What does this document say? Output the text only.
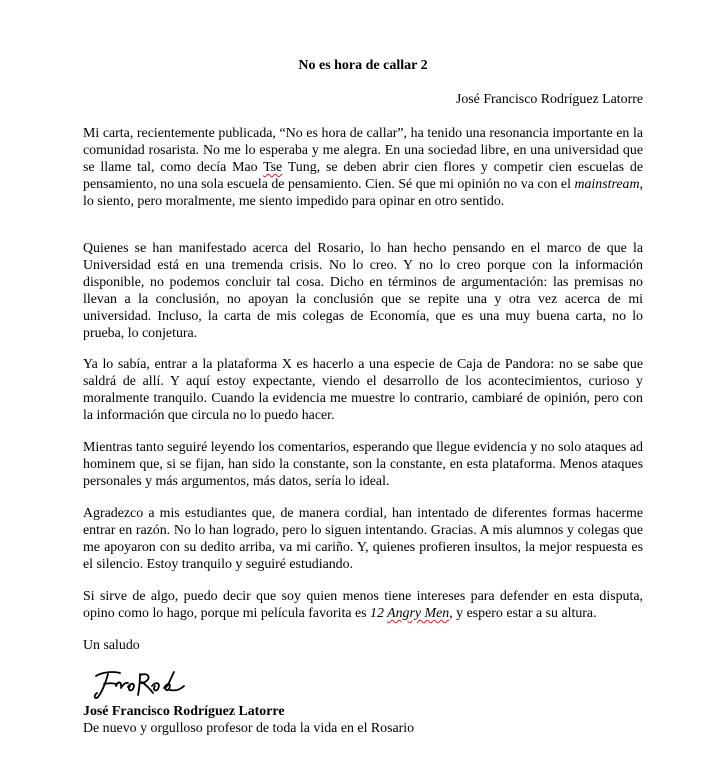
No es hora de callar 2
José Francisco Rodríguez Latorre

Mi carta, recientemente publicada, “No es hora de callar”, ha tenido una resonancia importante en la comunidad rosarista. No me lo esperaba y me alegra. En una sociedad libre, en una universidad que se llame tal, como decía Mao Tse Tung, se deben abrir cien flores y competir cien escuelas de pensamiento, no una sola escuela de pensamiento. Cien. Sé que mi opinión no va con el mainstream, lo siento, pero moralmente, me siento impedido para opinar en otro sentido.

Quienes se han manifestado acerca del Rosario, lo han hecho pensando en el marco de que la Universidad está en una tremenda crisis. No lo creo. Y no lo creo porque con la información disponible, no podemos concluir tal cosa. Dicho en términos de argumentación: las premisas no llevan a la conclusión, no apoyan la conclusión que se repite una y otra vez acerca de mi universidad. Incluso, la carta de mis colegas de Economía, que es una muy buena carta, no lo prueba, lo conjetura.

Ya lo sabía, entrar a la plataforma X es hacerlo a una especie de Caja de Pandora: no se sabe que saldrá de allí. Y aquí estoy expectante, viendo el desarrollo de los acontecimientos, curioso y moralmente tranquilo. Cuando la evidencia me muestre lo contrario, cambiaré de opinión, pero con la información que circula no lo puedo hacer.

Mientras tanto seguiré leyendo los comentarios, esperando que llegue evidencia y no solo ataques ad hominem que, si se fijan, han sido la constante, son la constante, en esta plataforma. Menos ataques personales y más argumentos, más datos, sería lo ideal.

Agradezco a mis estudiantes que, de manera cordial, han intentado de diferentes formas hacerme entrar en razón. No lo han logrado, pero lo siguen intentando. Gracias. A mis alumnos y colegas que me apoyaron con su dedito arriba, va mi cariño. Y, quienes profieren insultos, la mejor respuesta es el silencio. Estoy tranquilo y seguiré estudiando.

Si sirve de algo, puedo decir que soy quien menos tiene intereses para defender en esta disputa, opino como lo hago, porque mi película favorita es 12 Angry Men, y espero estar a su altura.

Un saludo

José Francisco Rodríguez Latorre
De nuevo y orgulloso profesor de toda la vida en el Rosario
